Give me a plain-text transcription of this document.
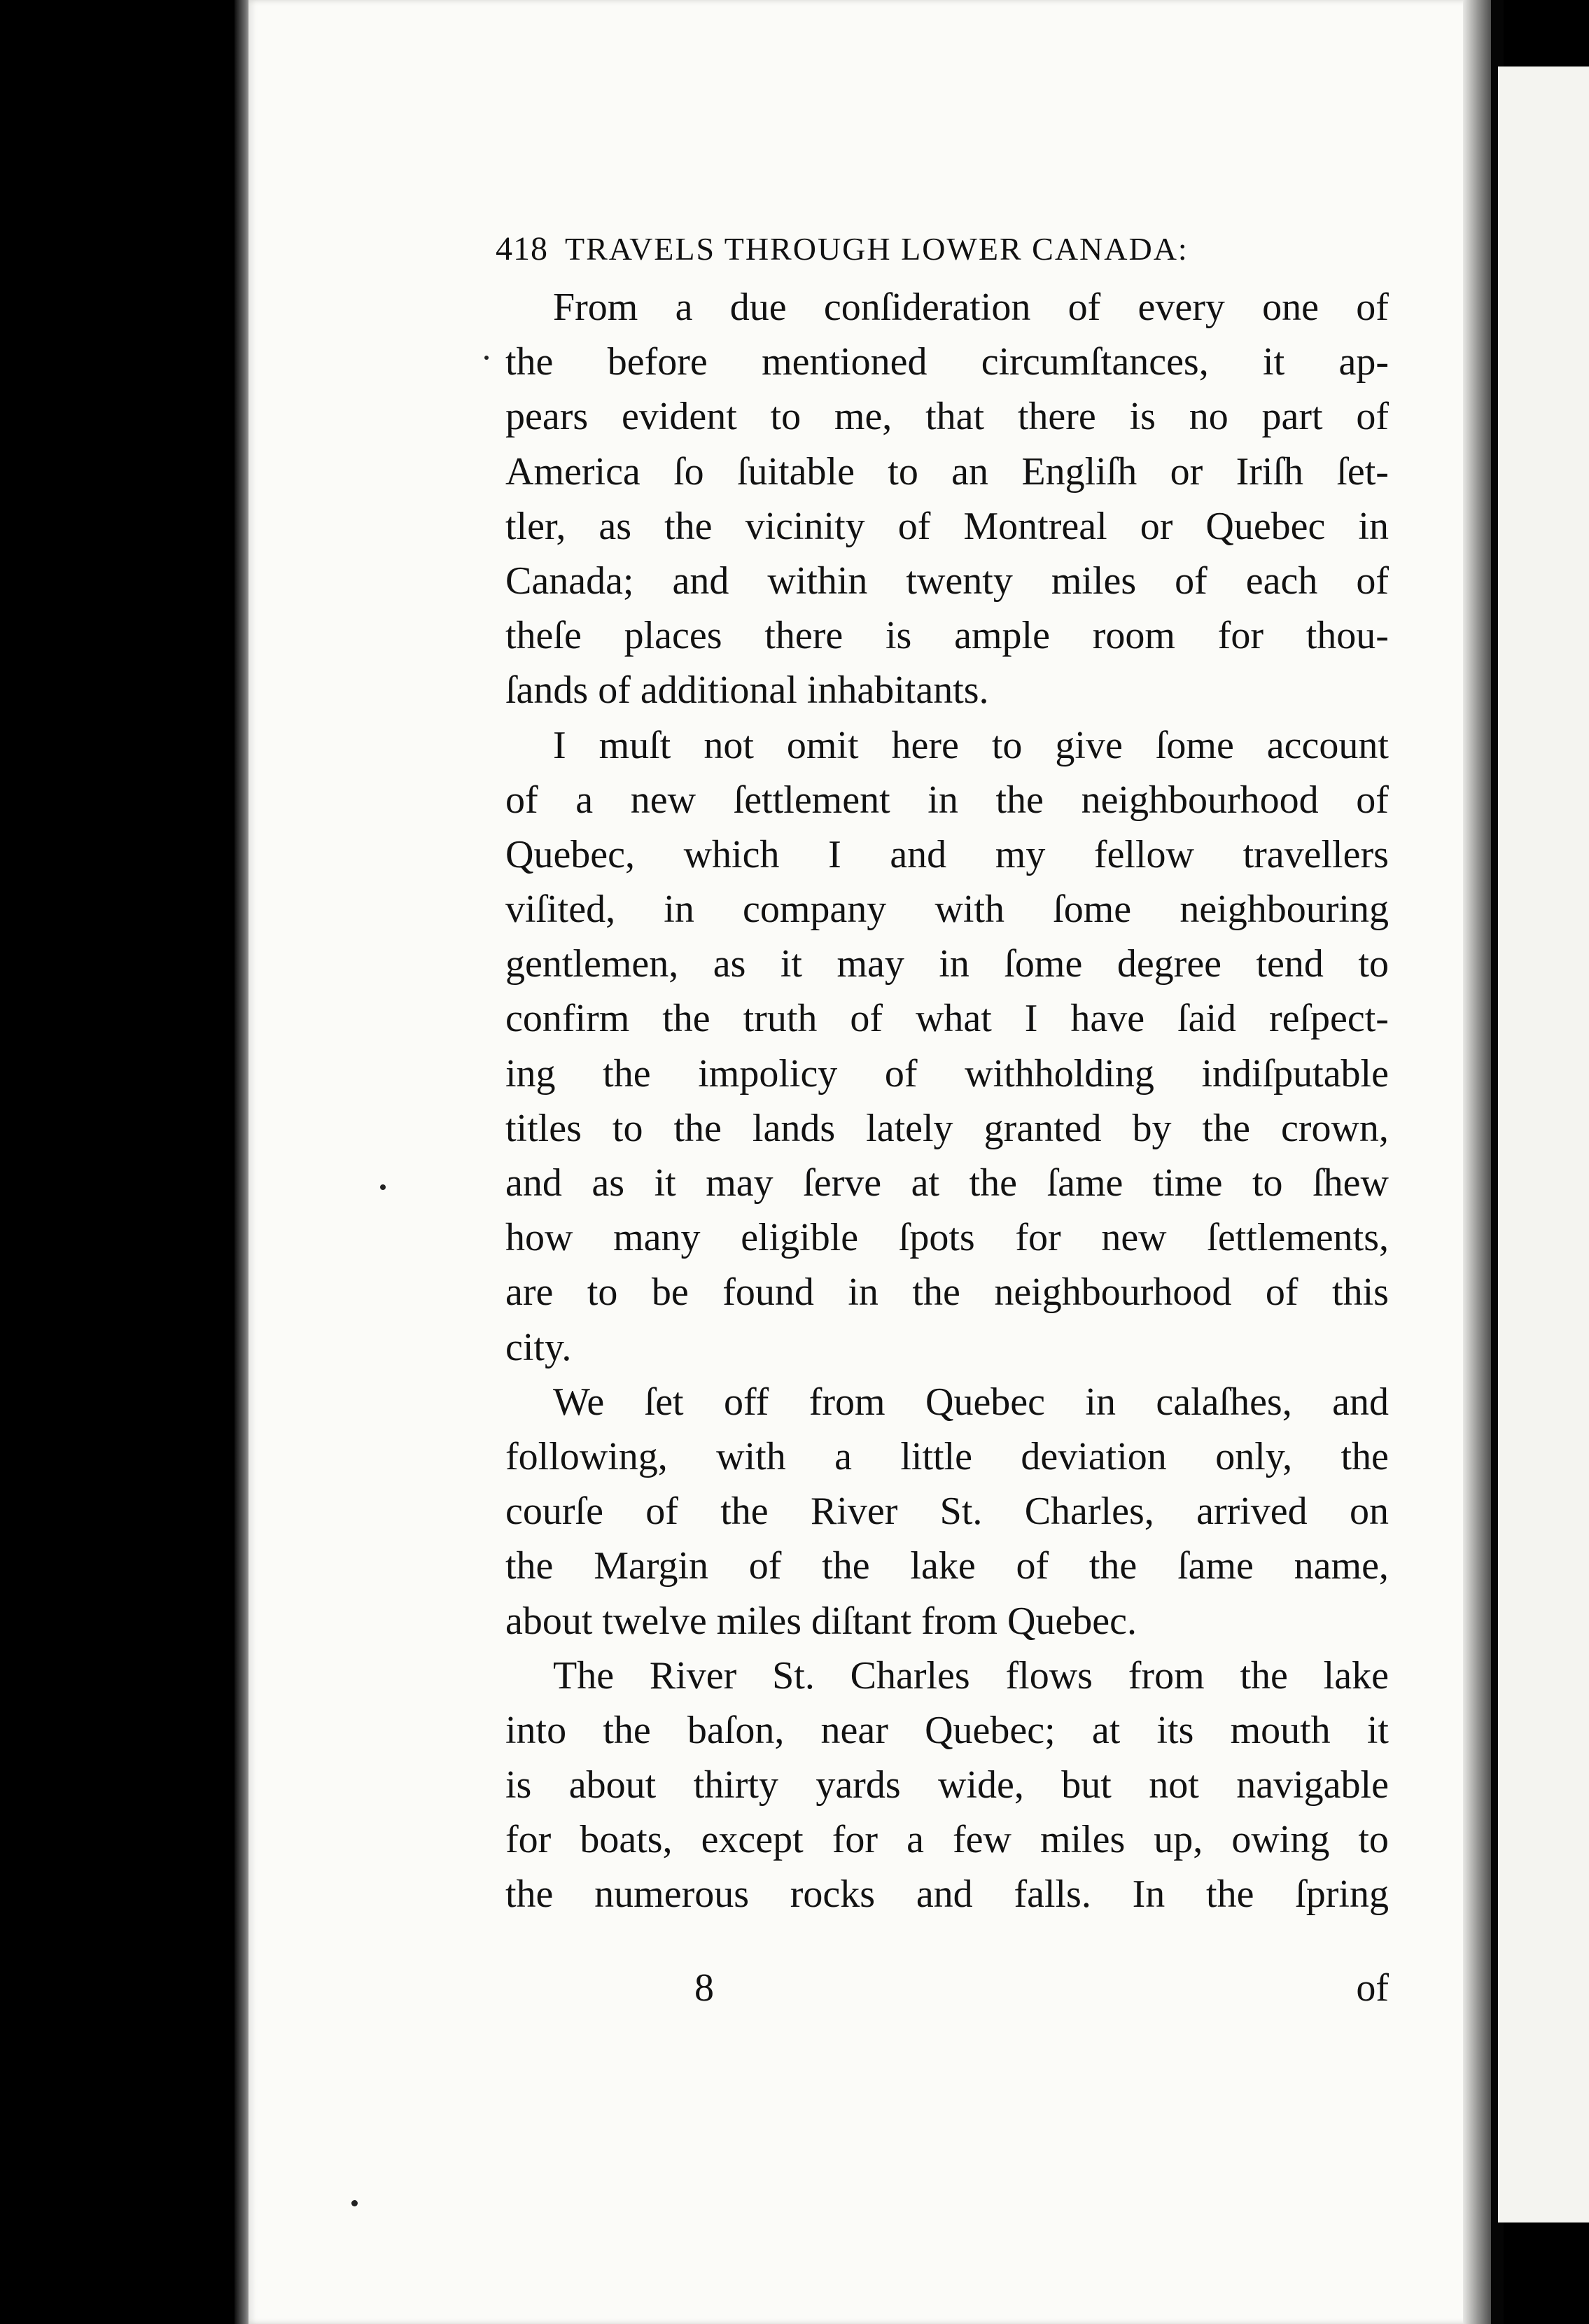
418 TRAVELS THROUGH LOWER CANADA:
From a due conſideration of every one of
the before mentioned circumſtances, it ap-
pears evident to me, that there is no part of
America ſo ſuitable to an Engliſh or Iriſh ſet-
tler, as the vicinity of Montreal or Quebec in
Canada; and within twenty miles of each of
theſe places there is ample room for thou-
ſands of additional inhabitants.
I muſt not omit here to give ſome account
of a new ſettlement in the neighbourhood of
Quebec, which I and my fellow travellers
viſited, in company with ſome neighbouring
gentlemen, as it may in ſome degree tend to
confirm the truth of what I have ſaid reſpect-
ing the impolicy of withholding indiſputable
titles to the lands lately granted by the crown,
and as it may ſerve at the ſame time to ſhew
how many eligible ſpots for new ſettlements,
are to be found in the neighbourhood of this
city.
We ſet off from Quebec in calaſhes, and
following, with a little deviation only, the
courſe of the River St. Charles, arrived on
the Margin of the lake of the ſame name,
about twelve miles diſtant from Quebec.
The River St. Charles flows from the lake
into the baſon, near Quebec; at its mouth it
is about thirty yards wide, but not navigable
for boats, except for a few miles up, owing to
the numerous rocks and falls. In the ſpring
8	of
